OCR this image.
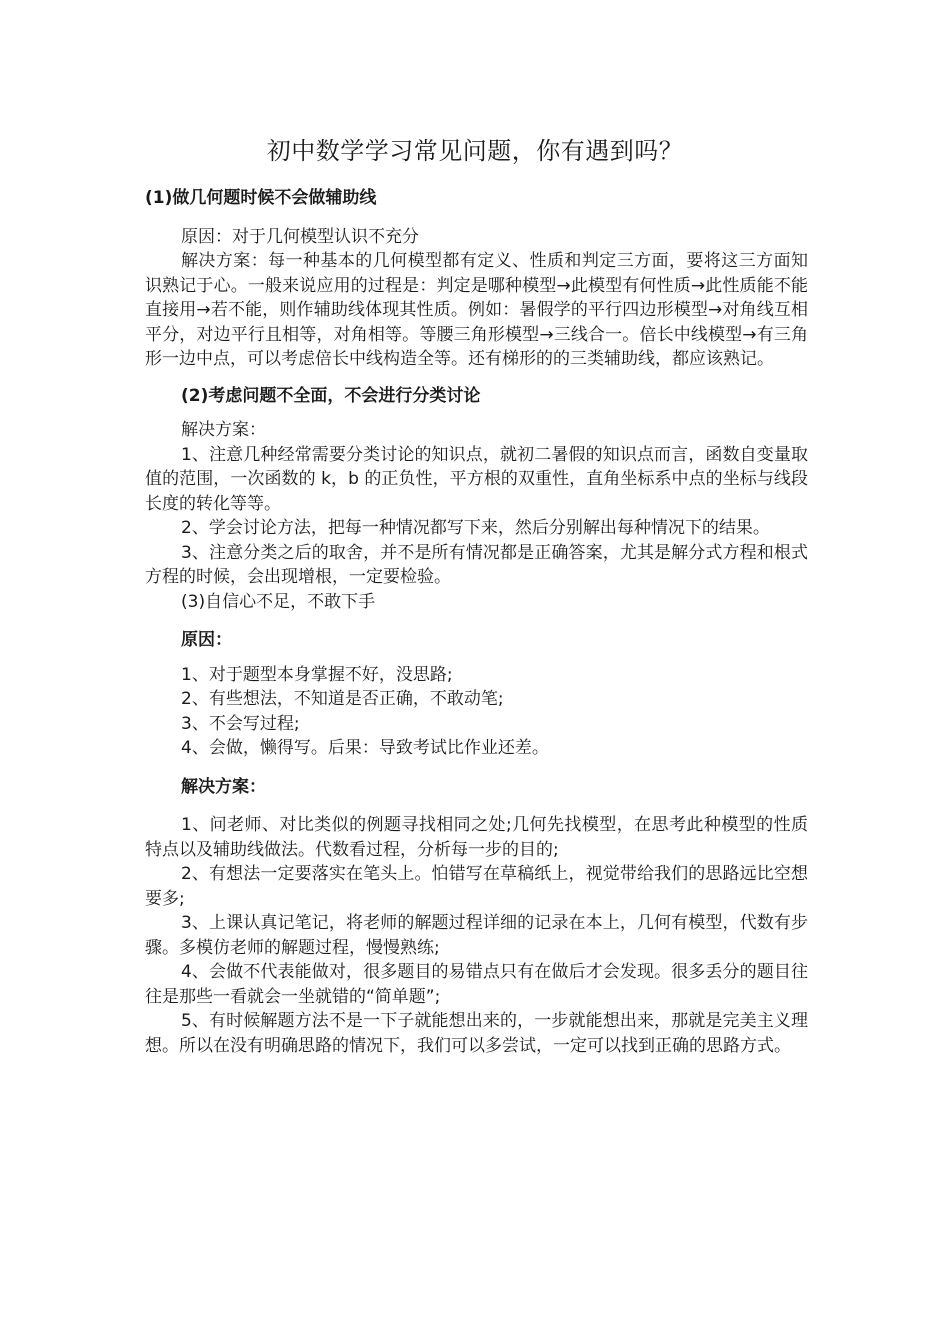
初中数学学习常见问题，你有遇到吗？

(1)做几何题时候不会做辅助线

原因：对于几何模型认识不充分

解决方案：每一种基本的几何模型都有定义、性质和判定三方面，要将这三方面知识熟记于心。一般来说应用的过程是：判定是哪种模型→此模型有何性质→此性质能不能直接用→若不能，则作辅助线体现其性质。例如：暑假学的平行四边形模型→对角线互相平分，对边平行且相等，对角相等。等腰三角形模型→三线合一。倍长中线模型→有三角形一边中点，可以考虑倍长中线构造全等。还有梯形的的三类辅助线，都应该熟记。

(2)考虑问题不全面，不会进行分类讨论

解决方案：

1、注意几种经常需要分类讨论的知识点，就初二暑假的知识点而言，函数自变量取值的范围，一次函数的 k，b 的正负性，平方根的双重性，直角坐标系中点的坐标与线段长度的转化等等。

2、学会讨论方法，把每一种情况都写下来，然后分别解出每种情况下的结果。

3、注意分类之后的取舍，并不是所有情况都是正确答案，尤其是解分式方程和根式方程的时候，会出现增根，一定要检验。

(3)自信心不足，不敢下手

原因：

1、对于题型本身掌握不好，没思路;

2、有些想法，不知道是否正确，不敢动笔;

3、不会写过程;

4、会做，懒得写。后果：导致考试比作业还差。

解决方案：

1、问老师、对比类似的例题寻找相同之处;几何先找模型，在思考此种模型的性质特点以及辅助线做法。代数看过程，分析每一步的目的;

2、有想法一定要落实在笔头上。怕错写在草稿纸上，视觉带给我们的思路远比空想要多;

3、上课认真记笔记，将老师的解题过程详细的记录在本上，几何有模型，代数有步骤。多模仿老师的解题过程，慢慢熟练;

4、会做不代表能做对，很多题目的易错点只有在做后才会发现。很多丢分的题目往往是那些一看就会一坐就错的“简单题”;

5、有时候解题方法不是一下子就能想出来的，一步就能想出来，那就是完美主义理想。所以在没有明确思路的情况下，我们可以多尝试，一定可以找到正确的思路方式。
